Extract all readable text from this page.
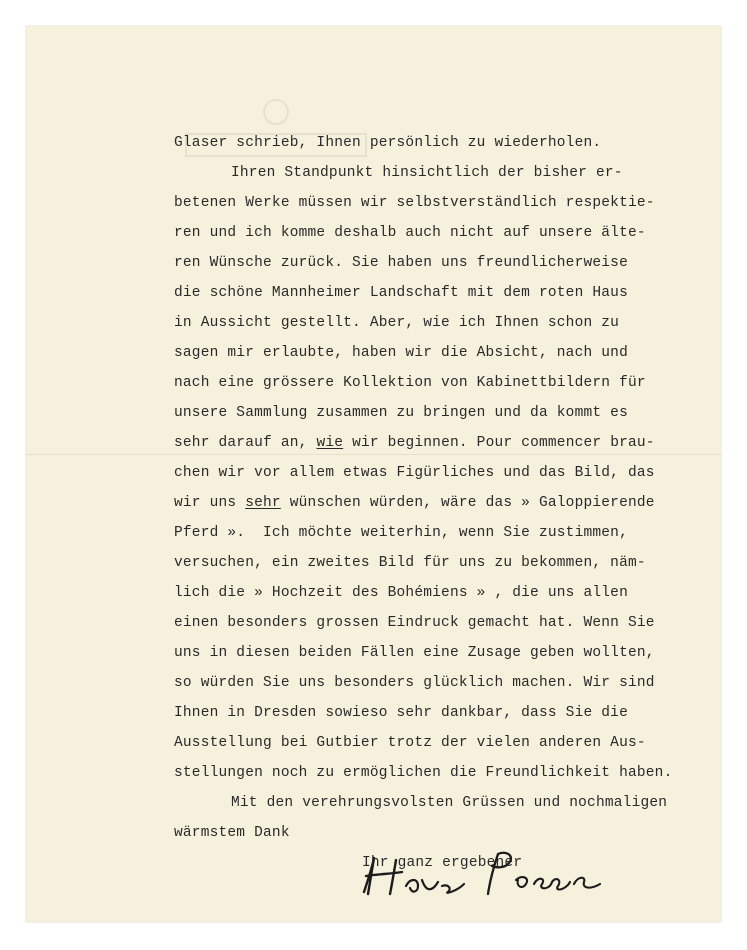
Glaser schrieb, Ihnen persönlich zu wiederholen.
Ihren Standpunkt hinsichtlich der bisher er-
betenen Werke müssen wir selbstverständlich respektie-
ren und ich komme deshalb auch nicht auf unsere älte-
ren Wünsche zurück. Sie haben uns freundlicherweise
die schöne Mannheimer Landschaft mit dem roten Haus
in Aussicht gestellt. Aber, wie ich Ihnen schon zu
sagen mir erlaubte, haben wir die Absicht, nach und
nach eine grössere Kollektion von Kabinettbildern für
unsere Sammlung zusammen zu bringen und da kommt es
sehr darauf an, wie wir beginnen. Pour commencer brau-
chen wir vor allem etwas Figürliches und das Bild, das
wir uns sehr wünschen würden, wäre das » Galoppierende
Pferd ».  Ich möchte weiterhin, wenn Sie zustimmen,
versuchen, ein zweites Bild für uns zu bekommen, näm-
lich die » Hochzeit des Bohémiens » , die uns allen
einen besonders grossen Eindruck gemacht hat. Wenn Sie
uns in diesen beiden Fällen eine Zusage geben wollten,
so würden Sie uns besonders glücklich machen. Wir sind
Ihnen in Dresden sowieso sehr dankbar, dass Sie die
Ausstellung bei Gutbier trotz der vielen anderen Aus-
stellungen noch zu ermöglichen die Freundlichkeit haben.
Mit den verehrungsvolsten Grüssen und nochmaligen
wärmstem Dank
Ihr ganz ergebener
